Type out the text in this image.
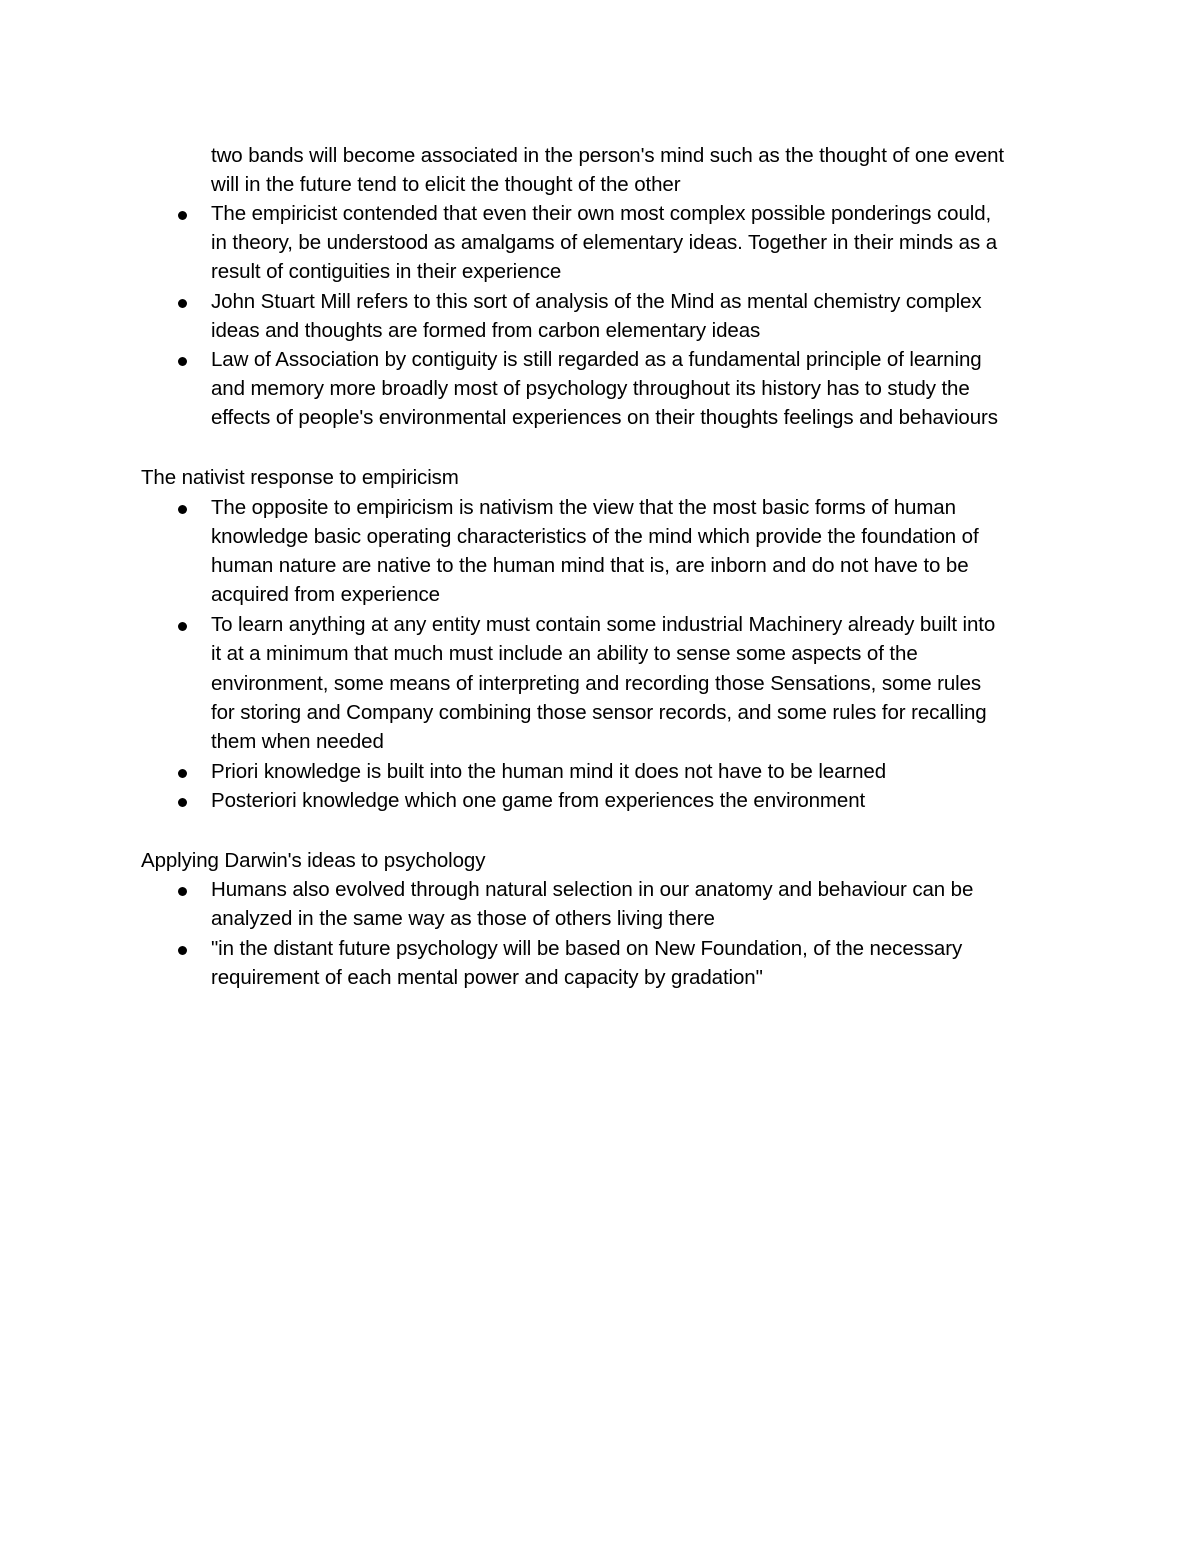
two bands will become associated in the person's mind such as the thought of one event
will in the future tend to elicit the thought of the other
The empiricist contended that even their own most complex possible ponderings could,
in theory, be understood as amalgams of elementary ideas. Together in their minds as a
result of contiguities in their experience
John Stuart Mill refers to this sort of analysis of the Mind as mental chemistry complex
ideas and thoughts are formed from carbon elementary ideas
Law of Association by contiguity is still regarded as a fundamental principle of learning
and memory more broadly most of psychology throughout its history has to study the
effects of people's environmental experiences on their thoughts feelings and behaviours
The nativist response to empiricism
The opposite to empiricism is nativism the view that the most basic forms of human
knowledge basic operating characteristics of the mind which provide the foundation of
human nature are native to the human mind that is, are inborn and do not have to be
acquired from experience
To learn anything at any entity must contain some industrial Machinery already built into
it at a minimum that much must include an ability to sense some aspects of the
environment, some means of interpreting and recording those Sensations, some rules
for storing and Company combining those sensor records, and some rules for recalling
them when needed
Priori knowledge is built into the human mind it does not have to be learned
Posteriori knowledge which one game from experiences the environment
Applying Darwin's ideas to psychology
Humans also evolved through natural selection in our anatomy and behaviour can be
analyzed in the same way as those of others living there
"in the distant future psychology will be based on New Foundation, of the necessary
requirement of each mental power and capacity by gradation"
